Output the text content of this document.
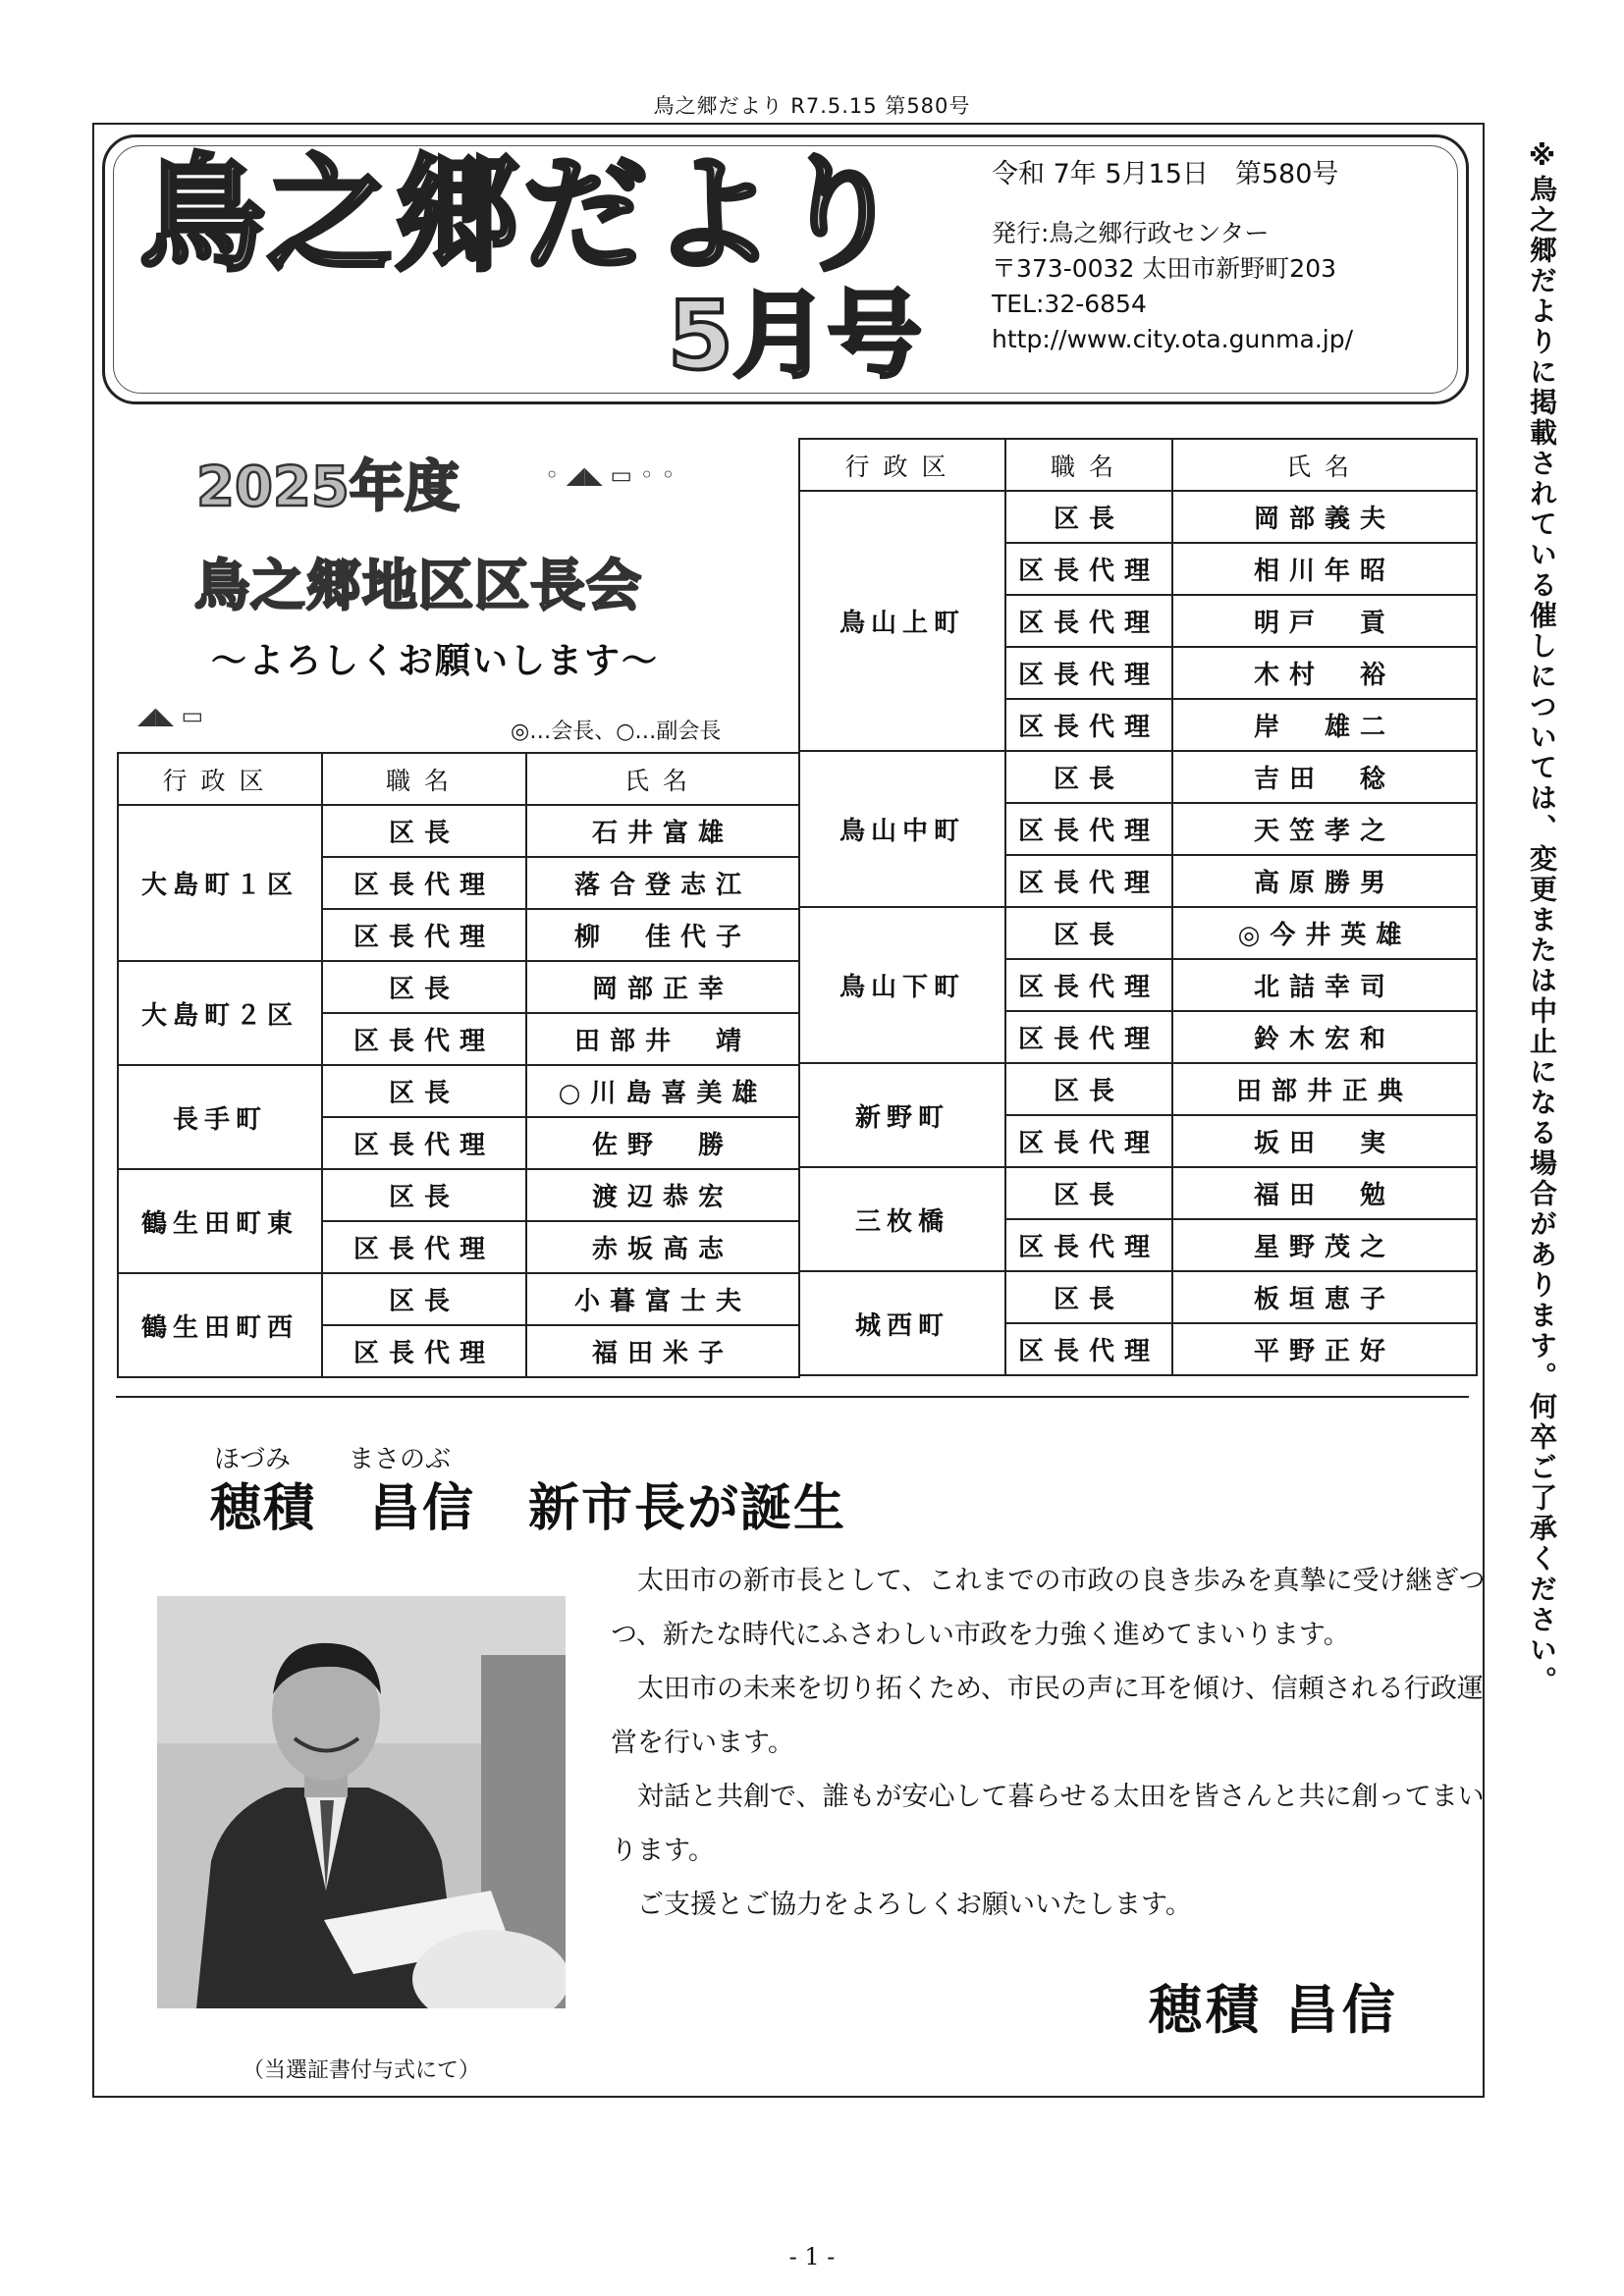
鳥之郷だより R7.5.15 第580号
鳥之郷だより
5月号
令和 7年 5月15日　第580号
発行:鳥之郷行政センター
〒373-0032 太田市新野町203
TEL:32-6854
http://www.city.ota.gunma.jp/	※鳥之郷だよりに掲載されている催しについては、変更または中止になる場合があります。何卒ご了承ください。
2025年度	◦ ◢◣ ▭ ◦ ◦
鳥之郷地区区長会
〜よろしくお願いします〜
◢◣ ▭
◎…会長、○…副会長
行政区	職名	氏名
大島町１区	区長	石井富雄
	区長代理	落合登志江
	区長代理	柳　佳代子
大島町２区	区長	岡部正幸
	区長代理	田部井　靖
長手町	区長	○川島喜美雄
	区長代理	佐野　勝
鶴生田町東	区長	渡辺恭宏
	区長代理	赤坂高志
鶴生田町西	区長	小暮富士夫
	区長代理	福田米子
行政区	職名	氏名
鳥山上町	区長	岡部義夫
	区長代理	相川年昭
	区長代理	明戸　貢
	区長代理	木村　裕
	区長代理	岸　雄二
鳥山中町	区長	吉田　稔
	区長代理	天笠孝之
	区長代理	高原勝男
鳥山下町	区長	◎今井英雄
	区長代理	北詰幸司
	区長代理	鈴木宏和
新野町	区長	田部井正典
	区長代理	坂田　実
三枚橋	区長	福田　勉
	区長代理	星野茂之
城西町	区長	板垣恵子
	区長代理	平野正好
ほづみ まさのぶ
穂積　昌信　新市長が誕生
（当選証書付与式にて）

太田市の新市長として、これまでの市政の良き歩みを真摯に受け継ぎつつ、新たな時代にふさわしい市政を力強く進めてまいります。

太田市の未来を切り拓くため、市民の声に耳を傾け、信頼される行政運営を行います。

対話と共創で、誰もが安心して暮らせる太田を皆さんと共に創ってまいります。

ご支援とご協力をよろしくお願いいたします。

穂積 昌信
- 1 -
